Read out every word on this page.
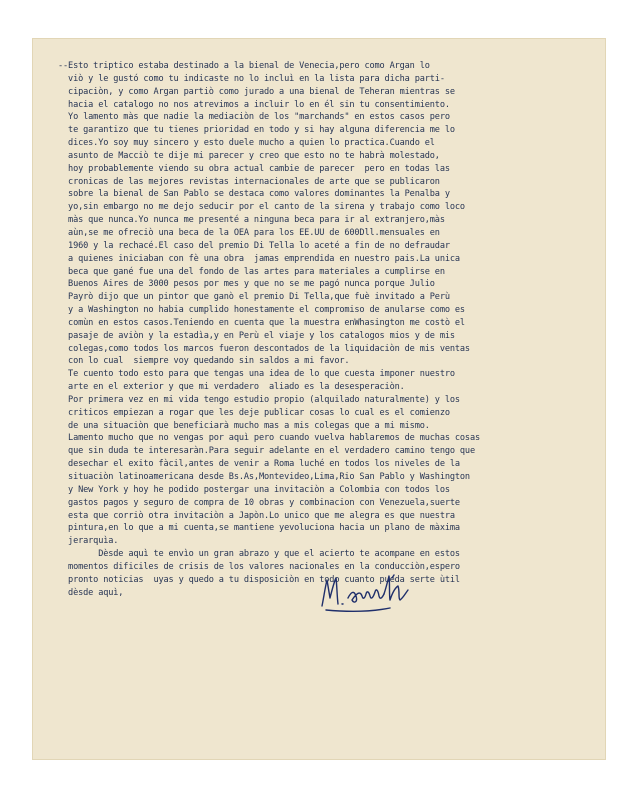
--Esto triptico estaba destinado a la bienal de Venecia,pero como Argan lo
viò y le gustó como tu indicaste no lo incluì en la lista para dicha parti-
cipaciòn, y como Argan partiò como jurado a una bienal de Teheran mientras se
hacia el catalogo no nos atrevimos a incluir lo en él sin tu consentimiento.
Yo lamento màs que nadie la mediaciòn de los "marchands" en estos casos pero
te garantizo que tu tienes prioridad en todo y si hay alguna diferencia me lo
dices.Yo soy muy sincero y esto duele mucho a quien lo practica.Cuando el
asunto de Macciò te dije mi parecer y creo que esto no te habrà molestado,
hoy probablemente viendo su obra actual cambie de parecer  pero en todas las
cronicas de las mejores revistas internacionales de arte que se publicaron
sobre la bienal de San Pablo se destaca como valores dominantes la Penalba y
yo,sin embargo no me dejo seducir por el canto de la sirena y trabajo como loco
màs que nunca.Yo nunca me presenté a ninguna beca para ir al extranjero,màs
aùn,se me ofreciò una beca de la OEA para los EE.UU de 600Dll.mensuales en
1960 y la rechacé.El caso del premio Di Tella lo aceté a fin de no defraudar
a quienes iniciaban con fè una obra  jamas emprendida en nuestro pais.La unica
beca que gané fue una del fondo de las artes para materiales a cumplirse en
Buenos Aires de 3000 pesos por mes y que no se me pagó nunca porque Julio
Payrò dijo que un pintor que ganò el premio Di Tella,que fuè invitado a Perù
y a Washington no habia cumplido honestamente el compromiso de anularse como es
comùn en estos casos.Teniendo en cuenta que la muestra enWhasington me costò el
pasaje de aviòn y la estadìa,y en Perù el viaje y los catalogos mios y de mis
colegas,como todos los marcos fueron descontados de la liquidaciòn de mis ventas
con lo cual  siempre voy quedando sin saldos a mi favor.
Te cuento todo esto para que tengas una idea de lo que cuesta imponer nuestro
arte en el exterior y que mi verdadero  aliado es la desesperaciòn.
Por primera vez en mi vida tengo estudio propio (alquilado naturalmente) y los
criticos empiezan a rogar que les deje publicar cosas lo cual es el comienzo
de una situaciòn que beneficiarà mucho mas a mis colegas que a mi mismo.
Lamento mucho que no vengas por aquì pero cuando vuelva hablaremos de muchas cosas
que sin duda te interesaràn.Para seguir adelante en el verdadero camino tengo que
desechar el exito fàcil,antes de venir a Roma luché en todos los niveles de la
situaciòn latinoamericana desde Bs.As,Montevideo,Lima,Rio San Pablo y Washington
y New York y hoy he podido postergar una invitaciòn a Colombia con todos los
gastos pagos y seguro de compra de 10 obras y combinacion con Venezuela,suerte
esta que corriò otra invitaciòn a Japòn.Lo unico que me alegra es que nuestra
pintura,en lo que a mi cuenta,se mantiene yevoluciona hacia un plano de màxima
jerarquìa.
Dèsde aquì te envìo un gran abrazo y que el acierto te acompane en estos
momentos dificiles de crisis de los valores nacionales en la conducciòn,espero
pronto noticias  uyas y quedo a tu disposiciòn en todo cuanto pueda serte ùtil
dèsde aquì,
